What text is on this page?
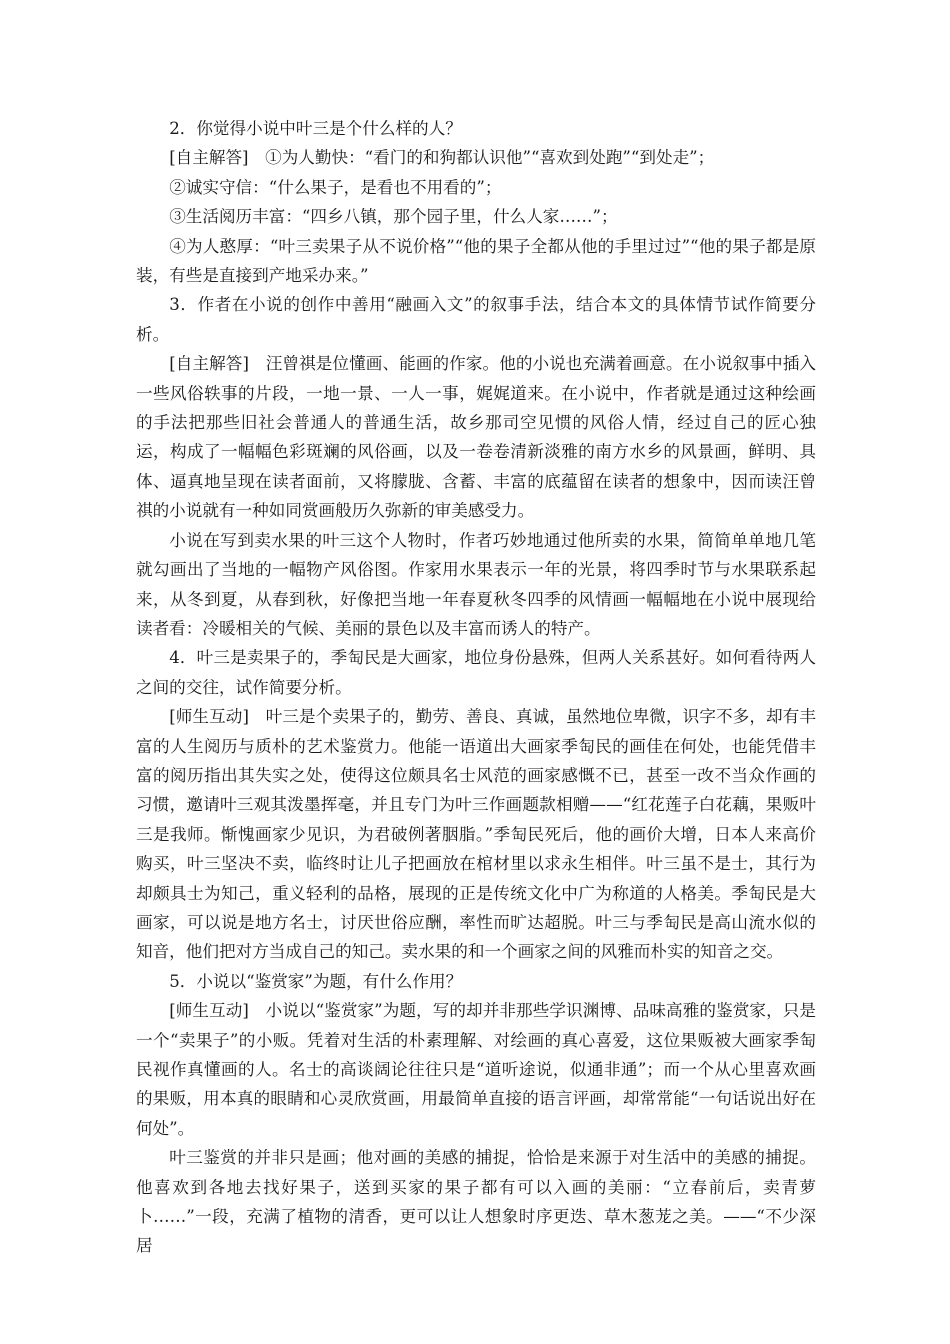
2．你觉得小说中叶三是个什么样的人？

[自主解答]　①为人勤快：“看门的和狗都认识他”“喜欢到处跑”“到处走”；

②诚实守信：“什么果子，是看也不用看的”；

③生活阅历丰富：“四乡八镇，那个园子里，什么人家……”；

④为人憨厚：“叶三卖果子从不说价格”“他的果子全都从他的手里过过”“他的果子都是原装，有些是直接到产地采办来。”

3．作者在小说的创作中善用“融画入文”的叙事手法，结合本文的具体情节试作简要分析。

[自主解答]　汪曾祺是位懂画、能画的作家。他的小说也充满着画意。在小说叙事中插入一些风俗轶事的片段，一地一景、一人一事，娓娓道来。在小说中，作者就是通过这种绘画的手法把那些旧社会普通人的普通生活，故乡那司空见惯的风俗人情，经过自己的匠心独运，构成了一幅幅色彩斑斓的风俗画，以及一卷卷清新淡雅的南方水乡的风景画，鲜明、具体、逼真地呈现在读者面前，又将朦胧、含蓄、丰富的底蕴留在读者的想象中，因而读汪曾祺的小说就有一种如同赏画般历久弥新的审美感受力。

小说在写到卖水果的叶三这个人物时，作者巧妙地通过他所卖的水果，简简单单地几笔就勾画出了当地的一幅物产风俗图。作家用水果表示一年的光景，将四季时节与水果联系起来，从冬到夏，从春到秋，好像把当地一年春夏秋冬四季的风情画一幅幅地在小说中展现给读者看：冷暖相关的气候、美丽的景色以及丰富而诱人的特产。

4．叶三是卖果子的，季匋民是大画家，地位身份悬殊，但两人关系甚好。如何看待两人之间的交往，试作简要分析。

[师生互动]　叶三是个卖果子的，勤劳、善良、真诚，虽然地位卑微，识字不多，却有丰富的人生阅历与质朴的艺术鉴赏力。他能一语道出大画家季匋民的画佳在何处，也能凭借丰富的阅历指出其失实之处，使得这位颇具名士风范的画家感慨不已，甚至一改不当众作画的习惯，邀请叶三观其泼墨挥毫，并且专门为叶三作画题款相赠——“红花莲子白花藕，果贩叶三是我师。惭愧画家少见识，为君破例著胭脂。”季匋民死后，他的画价大增，日本人来高价购买，叶三坚决不卖，临终时让儿子把画放在棺材里以求永生相伴。叶三虽不是士，其行为却颇具士为知己，重义轻利的品格，展现的正是传统文化中广为称道的人格美。季匋民是大画家，可以说是地方名士，讨厌世俗应酬，率性而旷达超脱。叶三与季匋民是高山流水似的知音，他们把对方当成自己的知己。卖水果的和一个画家之间的风雅而朴实的知音之交。

5．小说以“鉴赏家”为题，有什么作用？

[师生互动]　小说以“鉴赏家”为题，写的却并非那些学识渊博、品味高雅的鉴赏家，只是一个“卖果子”的小贩。凭着对生活的朴素理解、对绘画的真心喜爱，这位果贩被大画家季匋民视作真懂画的人。名士的高谈阔论往往只是“道听途说，似通非通”；而一个从心里喜欢画的果贩，用本真的眼睛和心灵欣赏画，用最简单直接的语言评画，却常常能“一句话说出好在何处”。

叶三鉴赏的并非只是画；他对画的美感的捕捉，恰恰是来源于对生活中的美感的捕捉。他喜欢到各地去找好果子，送到买家的果子都有可以入画的美丽：“立春前后，卖青萝卜……”一段，充满了植物的清香，更可以让人想象时序更迭、草木葱茏之美。——“不少深居
